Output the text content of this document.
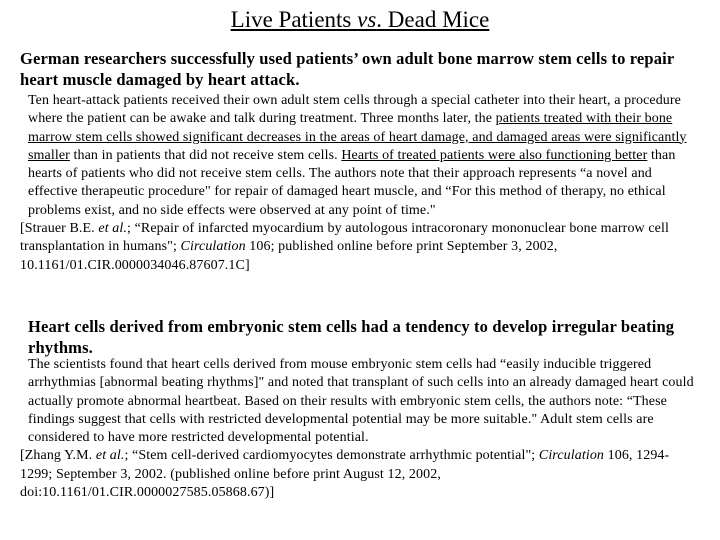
Live Patients vs. Dead Mice
German researchers successfully used patients’ own adult bone marrow stem cells to repair heart muscle damaged by heart attack.
Ten heart-attack patients received their own adult stem cells through a special catheter into their heart, a procedure where the patient can be awake and talk during treatment. Three months later, the patients treated with their bone marrow stem cells showed significant decreases in the areas of heart damage, and damaged areas were significantly smaller than in patients that did not receive stem cells. Hearts of treated patients were also functioning better than hearts of patients who did not receive stem cells. The authors note that their approach represents “a novel and effective therapeutic procedure" for repair of damaged heart muscle, and “For this method of therapy, no ethical problems exist, and no side effects were observed at any point of time."
[Strauer B.E. et al.; “Repair of infarcted myocardium by autologous intracoronary mononuclear bone marrow cell transplantation in humans"; Circulation 106; published online before print September 3, 2002, 10.1161/01.CIR.0000034046.87607.1C]
Heart cells derived from embryonic stem cells had a tendency to develop irregular beating rhythms.
The scientists found that heart cells derived from mouse embryonic stem cells had “easily inducible triggered arrhythmias [abnormal beating rhythms]" and noted that transplant of such cells into an already damaged heart could actually promote abnormal heartbeat. Based on their results with embryonic stem cells, the authors note: “These findings suggest that cells with restricted developmental potential may be more suitable." Adult stem cells are considered to have more restricted developmental potential.
[Zhang Y.M. et al.; “Stem cell-derived cardiomyocytes demonstrate arrhythmic potential"; Circulation 106, 1294-1299; September 3, 2002. (published online before print August 12, 2002, doi:10.1161/01.CIR.0000027585.05868.67)]
